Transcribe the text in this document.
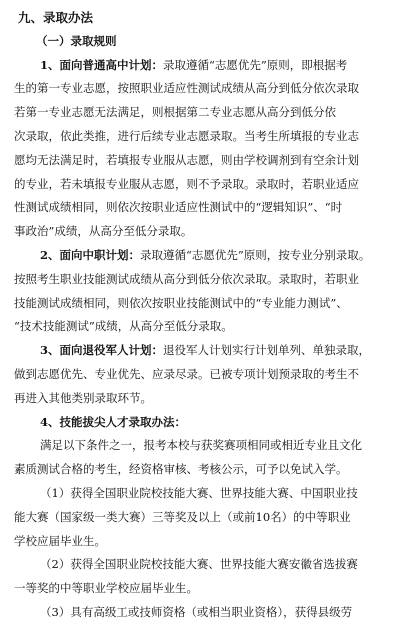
九、录取办法
（一）录取规则
1、面向普通高中计划：录取遵循“志愿优先”原则，即根据考
生的第一专业志愿，按照职业适应性测试成绩从高分到低分依次录取
若第一专业志愿无法满足，则根据第二专业志愿从高分到低分依
次录取，依此类推，进行后续专业志愿录取。当考生所填报的专业志
愿均无法满足时，若填报专业服从志愿，则由学校调剂到有空余计划
的专业，若未填报专业服从志愿，则不予录取。录取时，若职业适应
性测试成绩相同，则依次按职业适应性测试中的“逻辑知识”、“时
事政治”成绩，从高分至低分录取。
2、面向中职计划：录取遵循“志愿优先”原则，按专业分别录取。
按照考生职业技能测试成绩从高分到低分依次录取。录取时，若职业
技能测试成绩相同，则依次按职业技能测试中的“专业能力测试”、
“技术技能测试”成绩，从高分至低分录取。
3、面向退役军人计划：退役军人计划实行计划单列、单独录取，
做到志愿优先、专业优先、应录尽录。已被专项计划预录取的考生不
再进入其他类别录取环节。
4、技能拔尖人才录取办法：
满足以下条件之一，报考本校与获奖赛项相同或相近专业且文化
素质测试合格的考生，经资格审核、考核公示，可予以免试入学。
（1）获得全国职业院校技能大赛、世界技能大赛、中国职业技
能大赛（国家级一类大赛）三等奖及以上（或前10名）的中等职业
学校应届毕业生。
（2）获得全国职业院校技能大赛、世界技能大赛安徽省选拔赛
一等奖的中等职业学校应届毕业生。
（3）具有高级工或技师资格（或相当职业资格），获得县级劳
